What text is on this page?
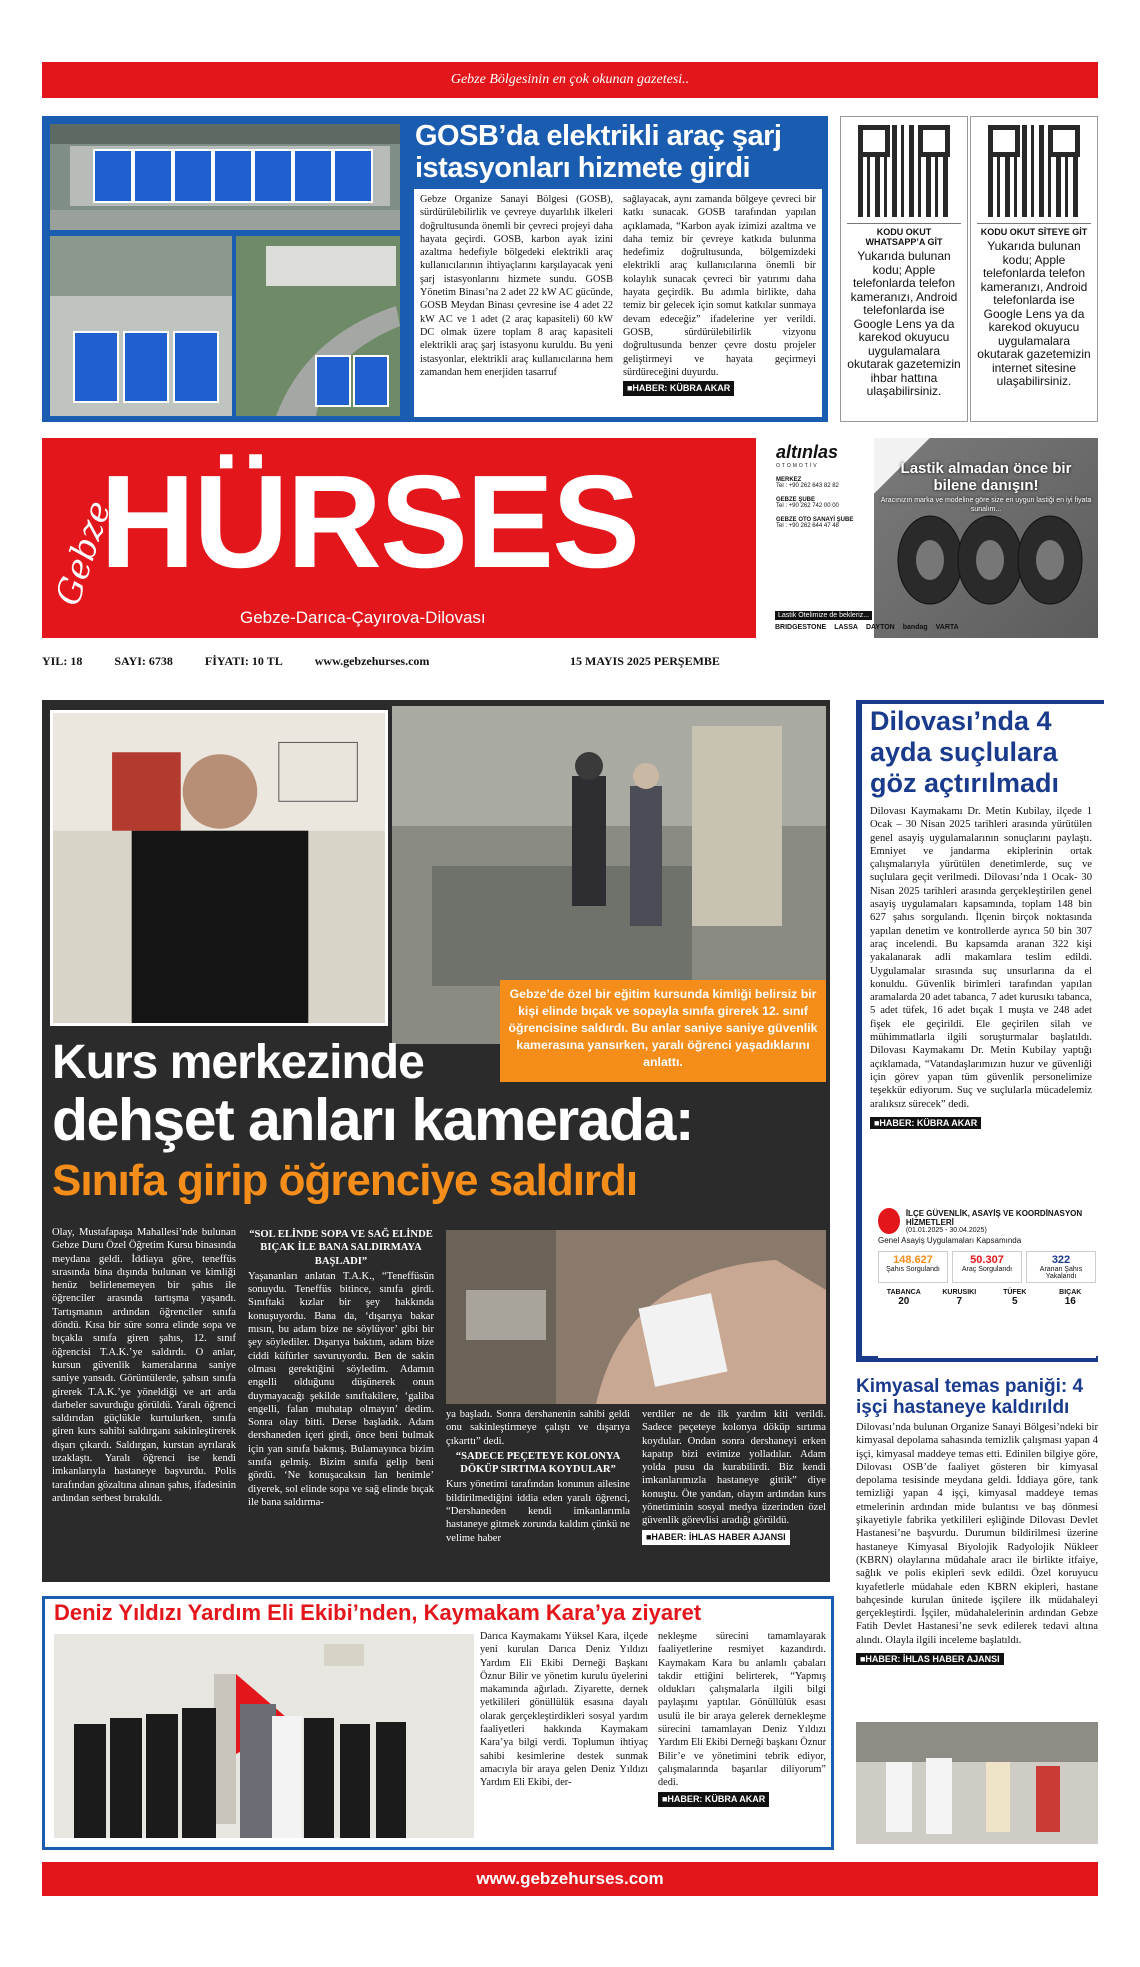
Gebze Bölgesinin en çok okunan gazetesi..
GOSB’da elektrikli araç şarj istasyonları hizmete girdi
Gebze Organize Sanayi Bölgesi (GOSB), sürdürülebilirlik ve çevreye duyarlılık ilkeleri doğrultusunda önemli bir çevreci projeyi daha hayata geçirdi. GOSB, karbon ayak izini azaltma hedefiyle bölgedeki elektrikli araç kullanıcılarının ihtiyaçlarını karşılayacak yeni şarj istasyonlarını hizmete sundu. GOSB Yönetim Binası’na 2 adet 22 kW AC gücünde, GOSB Meydan Binası çevresine ise 4 adet 22 kW AC ve 1 adet (2 araç kapasiteli) 60 kW DC olmak üzere toplam 8 araç kapasiteli elektrikli araç şarj istasyonu kuruldu. Bu yeni istasyonlar, elektrikli araç kullanıcılarına hem zamandan hem enerjiden tasarruf
sağlayacak, aynı zamanda bölgeye çevreci bir katkı sunacak. GOSB tarafından yapılan açıklamada, “Karbon ayak izimizi azaltma ve daha temiz bir çevreye katkıda bulunma hedefimiz doğrultusunda, bölgemizdeki elektrikli araç kullanıcılarına önemli bir kolaylık sunacak çevreci bir yatırımı daha hayata geçirdik. Bu adımla birlikte, daha temiz bir gelecek için somut katkılar sunmaya devam edeceğiz” ifadelerine yer verildi. GOSB, sürdürülebilirlik vizyonu doğrultusunda benzer çevre dostu projeler geliştirmeyi ve hayata geçirmeyi sürdüreceğini duyurdu.
■HABER: KÜBRA AKAR
KODU OKUT WHATSAPP’A GİT
Yukarıda bulunan kodu; Apple telefonlarda telefon kameranızı, Android telefonlarda ise Google Lens ya da karekod okuyucu uygulamalara okutarak gazetemizin ihbar hattına ulaşabilirsiniz.
KODU OKUT SİTEYE GİT
Yukarıda bulunan kodu; Apple telefonlarda telefon kameranızı, Android telefonlarda ise Google Lens ya da karekod okuyucu uygulamalara okutarak gazetemizin internet sitesine ulaşabilirsiniz.
Gebze
HÜRSES
Gebze-Darıca-Çayırova-Dilovası
altınlas
OTOMOTİV
MERKEZ
Tel : +90 262 643 82 82
GEBZE ŞUBE
Tel : +90 262 742 00 00
GEBZE OTO SANAYİ ŞUBE
Tel : +90 262 644 47 48
Lastik almadan önce bir bilene danışın!
Aracınızın marka ve modeline göre size en uygun lastiği en iyi fiyata sunalım...
Lastik Ötelimize de bekleriz...
BRIDGESTONE LASSA DAYTON bandag VARTA
YIL: 18	SAYI: 6738	FİYATI: 10 TL	www.gebzehurses.com	15 MAYIS 2025 PERŞEMBE
Gebze’de özel bir eğitim kursunda kimliği belirsiz bir kişi elinde bıçak ve sopayla sınıfa girerek 12. sınıf öğrencisine saldırdı. Bu anlar saniye saniye güvenlik kamerasına yansırken, yaralı öğrenci yaşadıklarını anlattı.
Kurs merkezinde
dehşet anları kamerada:
Sınıfa girip öğrenciye saldırdı
Olay, Mustafapaşa Mahallesi’nde bulunan Gebze Duru Özel Öğretim Kursu binasında meydana geldi. İddiaya göre, teneffüs sırasında bina dışında bulunan ve kimliği henüz belirlenemeyen bir şahıs ile öğrenciler arasında tartışma yaşandı. Tartışmanın ardından öğrenciler sınıfa döndü. Kısa bir süre sonra elinde sopa ve bıçakla sınıfa giren şahıs, 12. sınıf öğrencisi T.A.K.’ye saldırdı. O anlar, kursun güvenlik kameralarına saniye saniye yansıdı. Görüntülerde, şahsın sınıfa girerek T.A.K.’ye yöneldiği ve art arda darbeler savurduğu görüldü. Yaralı öğrenci saldırıdan güçlükle kurtulurken, sınıfa giren kurs sahibi saldırganı sakinleştirerek dışarı çıkardı. Saldırgan, kurstan ayrılarak uzaklaştı. Yaralı öğrenci ise kendi imkanlarıyla hastaneye başvurdu. Polis tarafından gözaltına alınan şahıs, ifadesinin ardından serbest bırakıldı.
“SOL ELİNDE SOPA VE SAĞ ELİNDE BIÇAK İLE BANA SALDIRMAYA BAŞLADI”
Yaşananları anlatan T.A.K., “Teneffüsün sonuydu. Teneffüs bitince, sınıfa girdi. Sınıftaki kızlar bir şey hakkında konuşuyordu. Bana da, ‘dışarıya bakar mısın, bu adam bize ne söylüyor’ gibi bir şey söylediler. Dışarıya baktım, adam bize ciddi küfürler savuruyordu. Ben de sakin olması gerektiğini söyledim. Adamın engelli olduğunu düşünerek onun duymayacağı şekilde sınıftakilere, ‘galiba engelli, falan muhatap olmayın’ dedim. Sonra olay bitti. Derse başladık. Adam dershaneden içeri girdi, önce beni bulmak için yan sınıfa bakmış. Bulamayınca bizim sınıfa gelmiş. Bizim sınıfa gelip beni gördü. ‘Ne konuşacaksın lan benimle’ diyerek, sol elinde sopa ve sağ elinde bıçak ile bana saldırma-
ya başladı. Sonra dershanenin sahibi geldi onu sakinleştirmeye çalıştı ve dışarıya çıkarttı” dedi.
“SADECE PEÇETEYE KOLONYA DÖKÜP SIRTIMA KOYDULAR”
Kurs yönetimi tarafından konunun ailesine bildirilmediğini iddia eden yaralı öğrenci, “Dershaneden kendi imkanlarımla hastaneye gitmek zorunda kaldım çünkü ne velime haber
verdiler ne de ilk yardım kiti verildi. Sadece peçeteye kolonya döküp sırtıma koydular. Ondan sonra dershaneyi erken kapatıp bizi evimize yolladılar. Adam yolda pusu da kurabilirdi. Biz kendi imkanlarımızla hastaneye gittik” diye konuştu. Öte yandan, olayın ardından kurs yönetiminin sosyal medya üzerinden özel güvenlik görevlisi aradığı görüldü.
■HABER: İHLAS HABER AJANSI
Dilovası’nda 4 ayda suçlulara göz açtırılmadı
Dilovası Kaymakamı Dr. Metin Kubilay, ilçede 1 Ocak – 30 Nisan 2025 tarihleri arasında yürütülen genel asayiş uygulamalarının sonuçlarını paylaştı. Emniyet ve jandarma ekiplerinin ortak çalışmalarıyla yürütülen denetimlerde, suç ve suçlulara geçit verilmedi. Dilovası’nda 1 Ocak- 30 Nisan 2025 tarihleri arasında gerçekleştirilen genel asayiş uygulamaları kapsamında, toplam 148 bin 627 şahıs sorgulandı. İlçenin birçok noktasında yapılan denetim ve kontrollerde ayrıca 50 bin 307 araç incelendi. Bu kapsamda aranan 322 kişi yakalanarak adli makamlara teslim edildi. Uygulamalar sırasında suç unsurlarına da el konuldu. Güvenlik birimleri tarafından yapılan aramalarda 20 adet tabanca, 7 adet kurusıkı tabanca, 5 adet tüfek, 16 adet bıçak 1 muşta ve 248 adet fişek ele geçirildi. Ele geçirilen silah ve mühimmatlarla ilgili soruşturmalar başlatıldı. Dilovası Kaymakamı Dr. Metin Kubilay yaptığı açıklamada, “Vatandaşlarımızın huzur ve güvenliği için görev yapan tüm güvenlik personelimize teşekkür ediyorum. Suç ve suçlularla mücadelemiz aralıksız sürecek” dedi.
■HABER: KÜBRA AKAR
İLÇE GÜVENLİK, ASAYİŞ VE KOORDİNASYON HİZMETLERİ
(01.01.2025 - 30.04.2025)
Genel Asayiş Uygulamaları Kapsamında
148.627
Şahıs Sorgulandı
50.307
Araç Sorgulandı
322
Aranan Şahıs Yakalandı
TABANCA
20
KURUSIKI
7
TÜFEK
5
BIÇAK
16
Kimyasal temas paniği: 4 işçi hastaneye kaldırıldı
Dilovası’nda bulunan Organize Sanayi Bölgesi’ndeki bir kimyasal depolama sahasında temizlik çalışması yapan 4 işçi, kimyasal maddeye temas etti. Edinilen bilgiye göre, Dilovası OSB’de faaliyet gösteren bir kimyasal depolama tesisinde meydana geldi. İddiaya göre, tank temizliği yapan 4 işçi, kimyasal maddeye temas etmelerinin ardından mide bulantısı ve baş dönmesi şikayetiyle fabrika yetkilileri eşliğinde Dilovası Devlet Hastanesi’ne başvurdu. Durumun bildirilmesi üzerine hastaneye Kimyasal Biyolojik Radyolojik Nükleer (KBRN) olaylarına müdahale aracı ile birlikte itfaiye, sağlık ve polis ekipleri sevk edildi. Özel koruyucu kıyafetlerle müdahale eden KBRN ekipleri, hastane bahçesinde kurulan ünitede işçilere ilk müdahaleyi gerçekleştirdi. İşçiler, müdahalelerinin ardından Gebze Fatih Devlet Hastanesi’ne sevk edilerek tedavi altına alındı. Olayla ilgili inceleme başlatıldı.
■HABER: İHLAS HABER AJANSI
Deniz Yıldızı Yardım Eli Ekibi’nden, Kaymakam Kara’ya ziyaret
Darıca Kaymakamı Yüksel Kara, ilçede yeni kurulan Darıca Deniz Yıldızı Yardım Eli Ekibi Derneği Başkanı Öznur Bilir ve yönetim kurulu üyelerini makamında ağırladı. Ziyarette, dernek yetkilileri gönüllülük esasına dayalı olarak gerçekleştirdikleri sosyal yardım faaliyetleri hakkında Kaymakam Kara’ya bilgi verdi. Toplumun ihtiyaç sahibi kesimlerine destek sunmak amacıyla bir araya gelen Deniz Yıldızı Yardım Eli Ekibi, der-
nekleşme sürecini tamamlayarak faaliyetlerine resmiyet kazandırdı. Kaymakam Kara bu anlamlı çabaları takdir ettiğini belirterek, “Yapmış oldukları çalışmalarla ilgili bilgi paylaşımı yaptılar. Gönüllülük esası usulü ile bir araya gelerek dernekleşme sürecini tamamlayan Deniz Yıldızı Yardım Eli Ekibi Derneği başkanı Öznur Bilir’e ve yönetimini tebrik ediyor, çalışmalarında başarılar diliyorum” dedi.
■HABER: KÜBRA AKAR
www.gebzehurses.com
